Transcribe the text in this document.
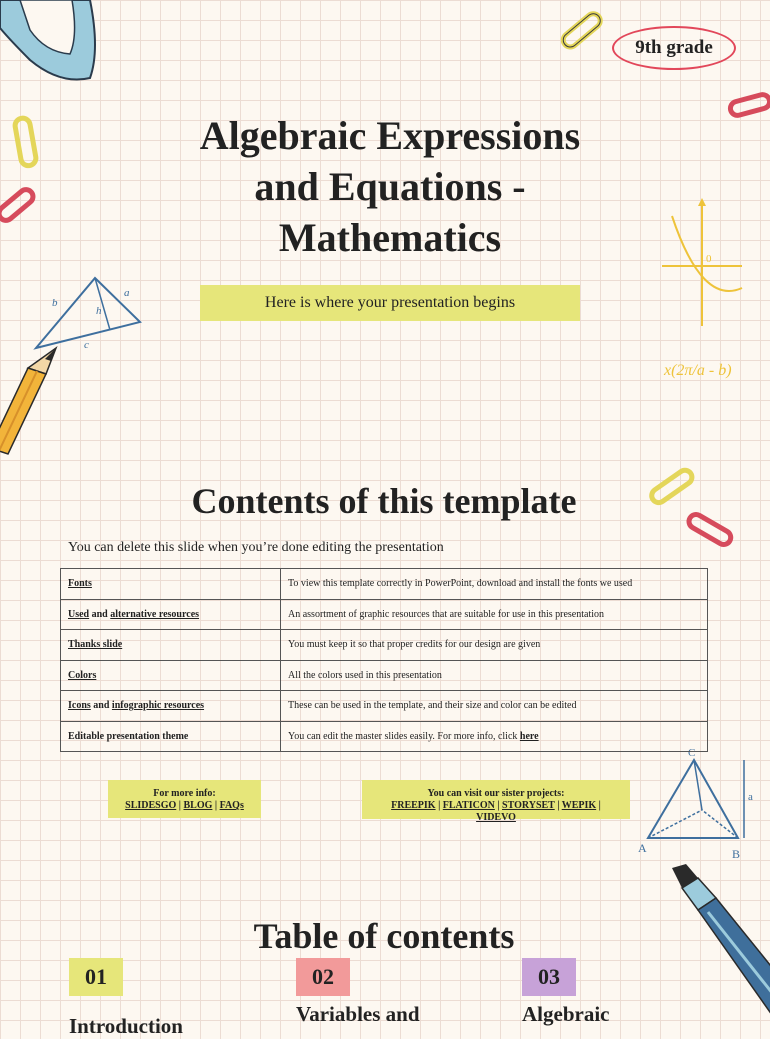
b
a
h
c
0
x(2π/a - b)
C
A	B
a
9th grade
Algebraic Expressions
and Equations -
Mathematics
Here is where your presentation begins
Contents of this template

You can delete this slide when you’re done editing the presentation

Fonts	To view this template correctly in PowerPoint, download and install the fonts we used
Used and alternative resources	An assortment of graphic resources that are suitable for use in this presentation
Thanks slide	You must keep it so that proper credits for our design are given
Colors	All the colors used in this presentation
Icons and infographic resources	These can be used in the template, and their size and color can be edited
Editable presentation theme	You can edit the master slides easily. For more info, click here
For more info:
SLIDESGO | BLOG | FAQs
You can visit our sister projects:
FREEPIK | FLATICON | STORYSET | WEPIK |
VIDEVO
Table of contents
01	02	03
Introduction	Variables and	Algebraic
